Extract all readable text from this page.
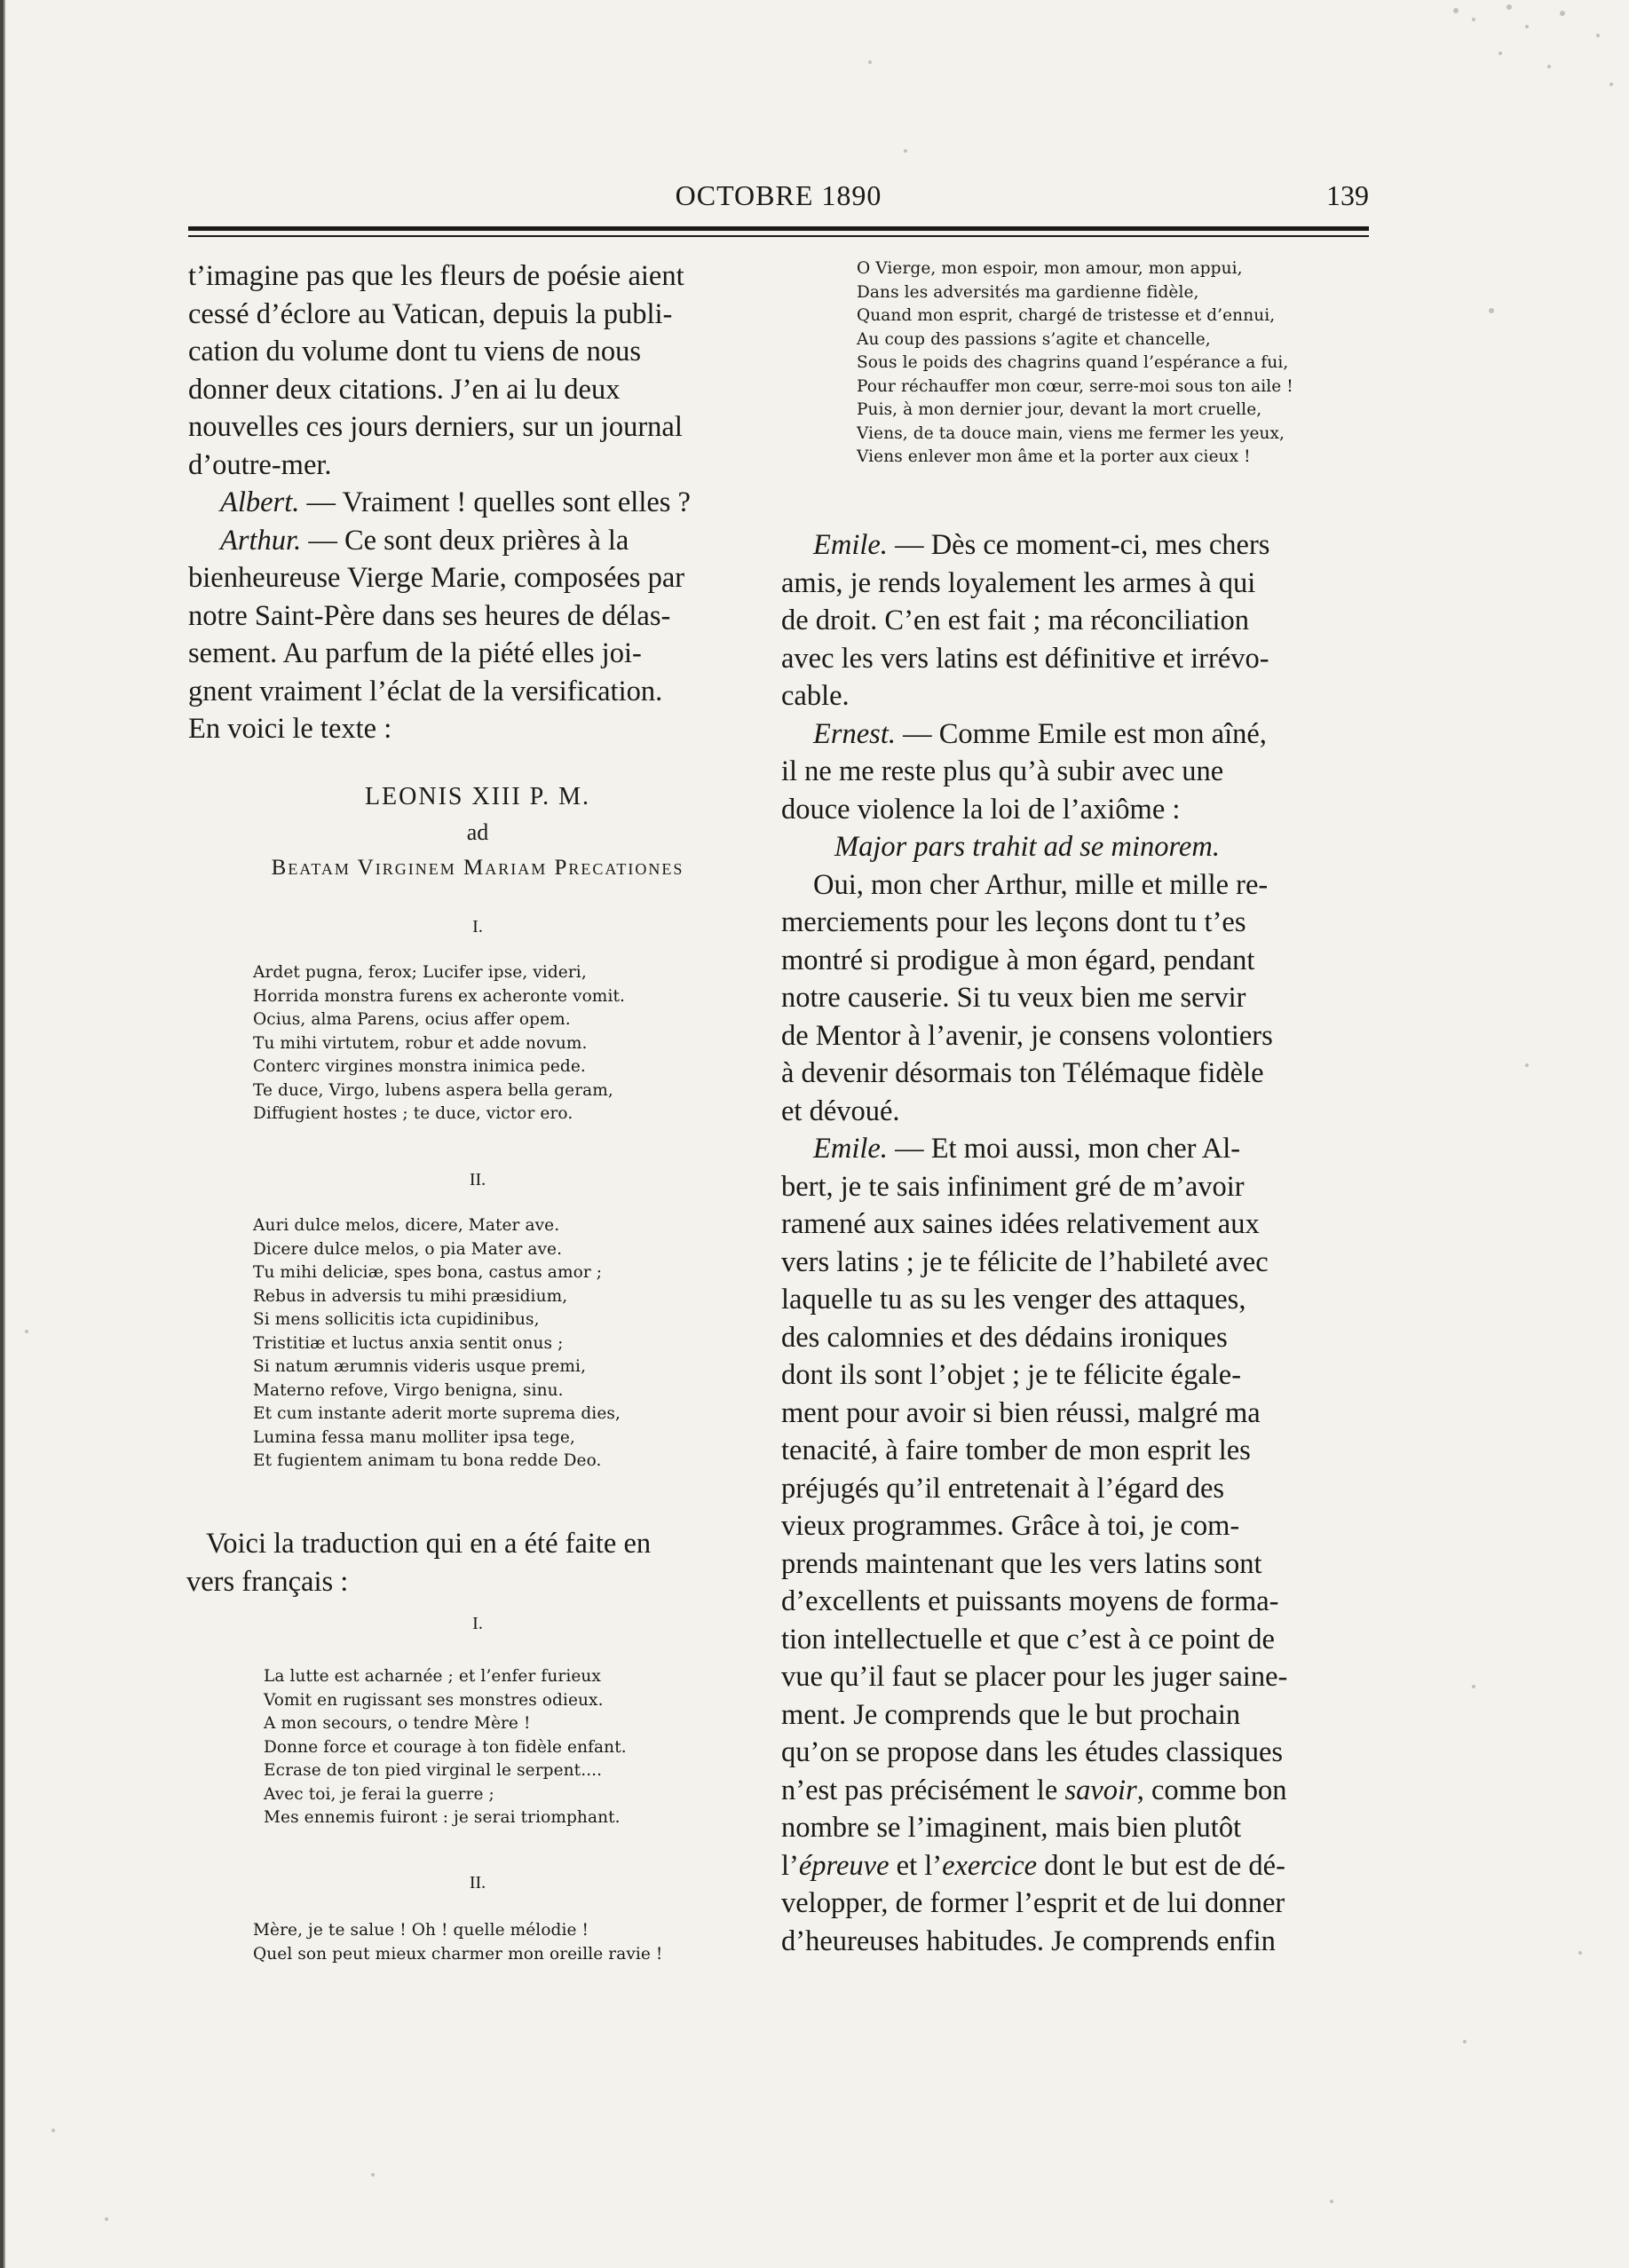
OCTOBRE 1890	139
t’imagine pas que les fleurs de poésie aient
cessé d’éclore au Vatican, depuis la publi-
cation du volume dont tu viens de nous
donner deux citations. J’en ai lu deux
nouvelles ces jours derniers, sur un journal
d’outre-mer.
Albert. — Vraiment ! quelles sont elles ?
Arthur. — Ce sont deux prières à la
bienheureuse Vierge Marie, composées par
notre Saint-Père dans ses heures de délas-
sement. Au parfum de la piété elles joi-
gnent vraiment l’éclat de la versification.
En voici le texte :
LEONIS XIII P. M.
ad
Beatam Virginem Mariam Precationes
I.
Ardet pugna, ferox; Lucifer ipse, videri,
Horrida monstra furens ex acheronte vomit.
Ocius, alma Parens, ocius affer opem.
Tu mihi virtutem, robur et adde novum.
Conterc virgines monstra inimica pede.
Te duce, Virgo, lubens aspera bella geram,
Diffugient hostes ; te duce, victor ero.
II.
Auri dulce melos, dicere, Mater ave.
Dicere dulce melos, o pia Mater ave.
Tu mihi deliciæ, spes bona, castus amor ;
Rebus in adversis tu mihi præsidium,
Si mens sollicitis icta cupidinibus,
Tristitiæ et luctus anxia sentit onus ;
Si natum ærumnis videris usque premi,
Materno refove, Virgo benigna, sinu.
Et cum instante aderit morte suprema dies,
Lumina fessa manu molliter ipsa tege,
Et fugientem animam tu bona redde Deo.
Voici la traduction qui en a été faite en
vers français :
I.
La lutte est acharnée ; et l’enfer furieux
Vomit en rugissant ses monstres odieux.
A mon secours, o tendre Mère !
Donne force et courage à ton fidèle enfant.
Ecrase de ton pied virginal le serpent....
Avec toi, je ferai la guerre ;
Mes ennemis fuiront : je serai triomphant.
II.
Mère, je te salue ! Oh ! quelle mélodie !
Quel son peut mieux charmer mon oreille ravie !
O Vierge, mon espoir, mon amour, mon appui,
Dans les adversités ma gardienne fidèle,
Quand mon esprit, chargé de tristesse et d’ennui,
Au coup des passions s’agite et chancelle,
Sous le poids des chagrins quand l’espérance a fui,
Pour réchauffer mon cœur, serre-moi sous ton aile !
Puis, à mon dernier jour, devant la mort cruelle,
Viens, de ta douce main, viens me fermer les yeux,
Viens enlever mon âme et la porter aux cieux !
Emile. — Dès ce moment-ci, mes chers
amis, je rends loyalement les armes à qui
de droit. C’en est fait ; ma réconciliation
avec les vers latins est définitive et irrévo-
cable.
Ernest. — Comme Emile est mon aîné,
il ne me reste plus qu’à subir avec une
douce violence la loi de l’axiôme :
Major pars trahit ad se minorem.
Oui, mon cher Arthur, mille et mille re-
merciements pour les leçons dont tu t’es
montré si prodigue à mon égard, pendant
notre causerie. Si tu veux bien me servir
de Mentor à l’avenir, je consens volontiers
à devenir désormais ton Télémaque fidèle
et dévoué.
Emile. — Et moi aussi, mon cher Al-
bert, je te sais infiniment gré de m’avoir
ramené aux saines idées relativement aux
vers latins ; je te félicite de l’habileté avec
laquelle tu as su les venger des attaques,
des calomnies et des dédains ironiques
dont ils sont l’objet ; je te félicite égale-
ment pour avoir si bien réussi, malgré ma
tenacité, à faire tomber de mon esprit les
préjugés qu’il entretenait à l’égard des
vieux programmes. Grâce à toi, je com-
prends maintenant que les vers latins sont
d’excellents et puissants moyens de forma-
tion intellectuelle et que c’est à ce point de
vue qu’il faut se placer pour les juger saine-
ment. Je comprends que le but prochain
qu’on se propose dans les études classiques
n’est pas précisément le savoir, comme bon
nombre se l’imaginent, mais bien plutôt
l’épreuve et l’exercice dont le but est de dé-
velopper, de former l’esprit et de lui donner
d’heureuses habitudes. Je comprends enfin
